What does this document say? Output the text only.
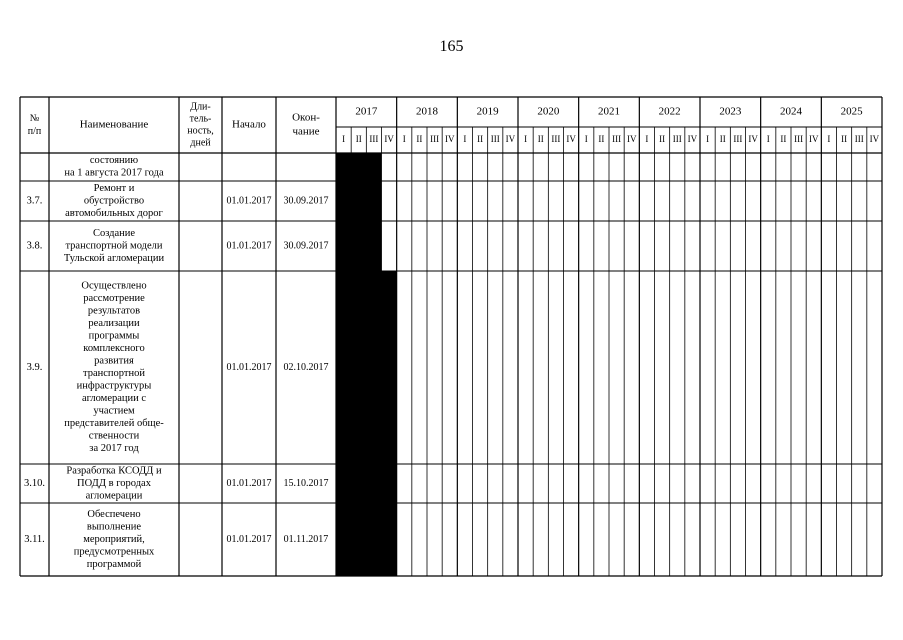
165
№
п/п
Наименование
Дли-
тель-
ность,
дней
Начало
Окон-
чание
2017
I II III IV
2018
I II III IV
2019
I II III IV
2020
I II III IV
2021
I II III IV
2022
I II III IV
2023
I II III IV
2024
I II III IV
2025
I II III IV
состоянию
на 1 августа 2017 года
3.7.
Ремонт и
обустройство
автомобильных дорог
01.01.2017 30.09.2017
3.8.
Создание
транспортной модели
Тульской агломерации
01.01.2017 30.09.2017
3.9.
Осуществлено
рассмотрение
результатов
реализации
программы
комплексного
развития
транспортной
инфраструктуры
агломерации с
участием
представителей обще-
ственности
за 2017 год
01.01.2017 02.10.2017
3.10.
Разработка КСОДД и
ПОДД в городах
агломерации
01.01.2017 15.10.2017
3.11.
Обеспечено
выполнение
мероприятий,
предусмотренных
программой
01.01.2017 01.11.2017
